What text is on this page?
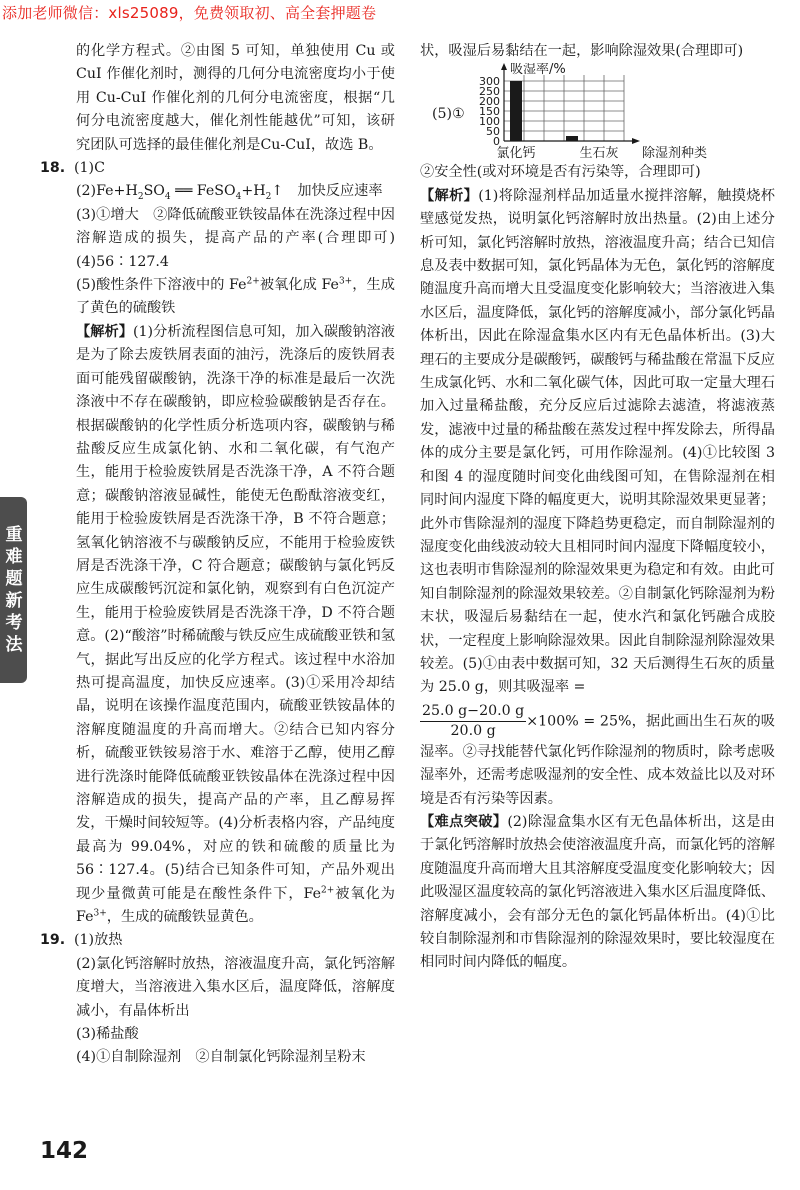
添加老师微信：xls25089，免费领取初、高全套押题卷
重
难
题
新
考
法

的化学方程式。②由图 5 可知，单独使用 Cu 或 CuI 作催化剂时，测得的几何分电流密度均小于使用 Cu-CuI 作催化剂的几何分电流密度，根据“几何分电流密度越大，催化剂性能越优”可知，该研究团队可选择的最佳催化剂是Cu-CuI，故选 B。

18. (1)C

$(2)Fe+H_2SO_4$ ══ $FeSO_4+H_2↑$　加快反应速率

(3)①增大　②降低硫酸亚铁铵晶体在洗涤过程中因溶解造成的损失，提高产品的产率(合理即可)　(4)56∶127.4

(5)酸性条件下溶液中的 $Fe^{2+}$被氧化成 $Fe^{3+}$，生成了黄色的硫酸铁

【解析】(1)分析流程图信息可知，加入碳酸钠溶液是为了除去废铁屑表面的油污，洗涤后的废铁屑表面可能残留碳酸钠，洗涤干净的标准是最后一次洗涤液中不存在碳酸钠，即应检验碳酸钠是否存在。根据碳酸钠的化学性质分析选项内容，碳酸钠与稀盐酸反应生成氯化钠、水和二氧化碳，有气泡产生，能用于检验废铁屑是否洗涤干净，A 不符合题意；碳酸钠溶液显碱性，能使无色酚酞溶液变红，能用于检验废铁屑是否洗涤干净，B 不符合题意；氢氧化钠溶液不与碳酸钠反应，不能用于检验废铁屑是否洗涤干净，C 符合题意；碳酸钠与氯化钙反应生成碳酸钙沉淀和氯化钠，观察到有白色沉淀产生，能用于检验废铁屑是否洗涤干净，D 不符合题意。(2)“酸溶”时稀硫酸与铁反应生成硫酸亚铁和氢气，据此写出反应的化学方程式。该过程中水浴加热可提高温度，加快反应速率。(3)①采用冷却结晶，说明在该操作温度范围内，硫酸亚铁铵晶体的溶解度随温度的升高而增大。②结合已知内容分析，硫酸亚铁铵易溶于水、难溶于乙醇，使用乙醇进行洗涤时能降低硫酸亚铁铵晶体在洗涤过程中因溶解造成的损失，提高产品的产率，且乙醇易挥发，干燥时间较短等。(4)分析表格内容，产品纯度最高为 99.04%，对应的铁和硫酸的质量比为 56∶127.4。(5)结合已知条件可知，产品外观出现少量微黄可能是在酸性条件下，$Fe^{2+}$被氧化为 $Fe^{3+}$，生成的硫酸铁显黄色。

19. (1)放热

(2)氯化钙溶解时放热，溶液温度升高，氯化钙溶解度增大，当溶液进入集水区后，温度降低，溶解度减小，有晶体析出

(3)稀盐酸

(4)①自制除湿剂　②自制氯化钙除湿剂呈粉末

状，吸湿后易黏结在一起，影响除湿效果(合理即可)

(5)①
0
50
100
150
200
250
300
吸湿率/%
氯化钙	生石灰 除湿剂种类

②安全性(或对环境是否有污染等，合理即可)

【解析】(1)将除湿剂样品加适量水搅拌溶解，触摸烧杯壁感觉发热，说明氯化钙溶解时放出热量。(2)由上述分析可知，氯化钙溶解时放热，溶液温度升高；结合已知信息及表中数据可知，氯化钙晶体为无色，氯化钙的溶解度随温度升高而增大且受温度变化影响较大；当溶液进入集水区后，温度降低，氯化钙的溶解度减小，部分氯化钙晶体析出，因此在除湿盒集水区内有无色晶体析出。(3)大理石的主要成分是碳酸钙，碳酸钙与稀盐酸在常温下反应生成氯化钙、水和二氧化碳气体，因此可取一定量大理石加入过量稀盐酸，充分反应后过滤除去滤渣，将滤液蒸发，滤液中过量的稀盐酸在蒸发过程中挥发除去，所得晶体的成分主要是氯化钙，可用作除湿剂。(4)①比较图 3 和图 4 的湿度随时间变化曲线图可知，在售除湿剂在相同时间内湿度下降的幅度更大，说明其除湿效果更显著；此外市售除湿剂的湿度下降趋势更稳定，而自制除湿剂的湿度变化曲线波动较大且相同时间内湿度下降幅度较小，这也表明市售除湿剂的除湿效果更为稳定和有效。由此可知自制除湿剂的除湿效果较差。②自制氯化钙除湿剂为粉末状，吸湿后易黏结在一起，使水汽和氯化钙融合成胶状，一定程度上影响除湿效果。因此自制除湿剂除湿效果较差。(5)①由表中数据可知，32 天后测得生石灰的质量为 25.0 g，则其吸湿率 =

$\frac{25.0 g-20.0 g}{20.0 g} \times 100\% = 25\%$，据此画出生石灰的吸湿率。②寻找能替代氯化钙作除湿剂的物质时，除考虑吸湿率外，还需考虑吸湿剂的安全性、成本效益比以及对环境是否有污染等因素。

【难点突破】(2)除湿盒集水区有无色晶体析出，这是由于氯化钙溶解时放热会使溶液温度升高，而氯化钙的溶解度随温度升高而增大且其溶解度受温度变化影响较大；因此吸湿区温度较高的氯化钙溶液进入集水区后温度降低、溶解度减小，会有部分无色的氯化钙晶体析出。(4)①比较自制除湿剂和市售除湿剂的除湿效果时，要比较湿度在相同时间内降低的幅度。

142
